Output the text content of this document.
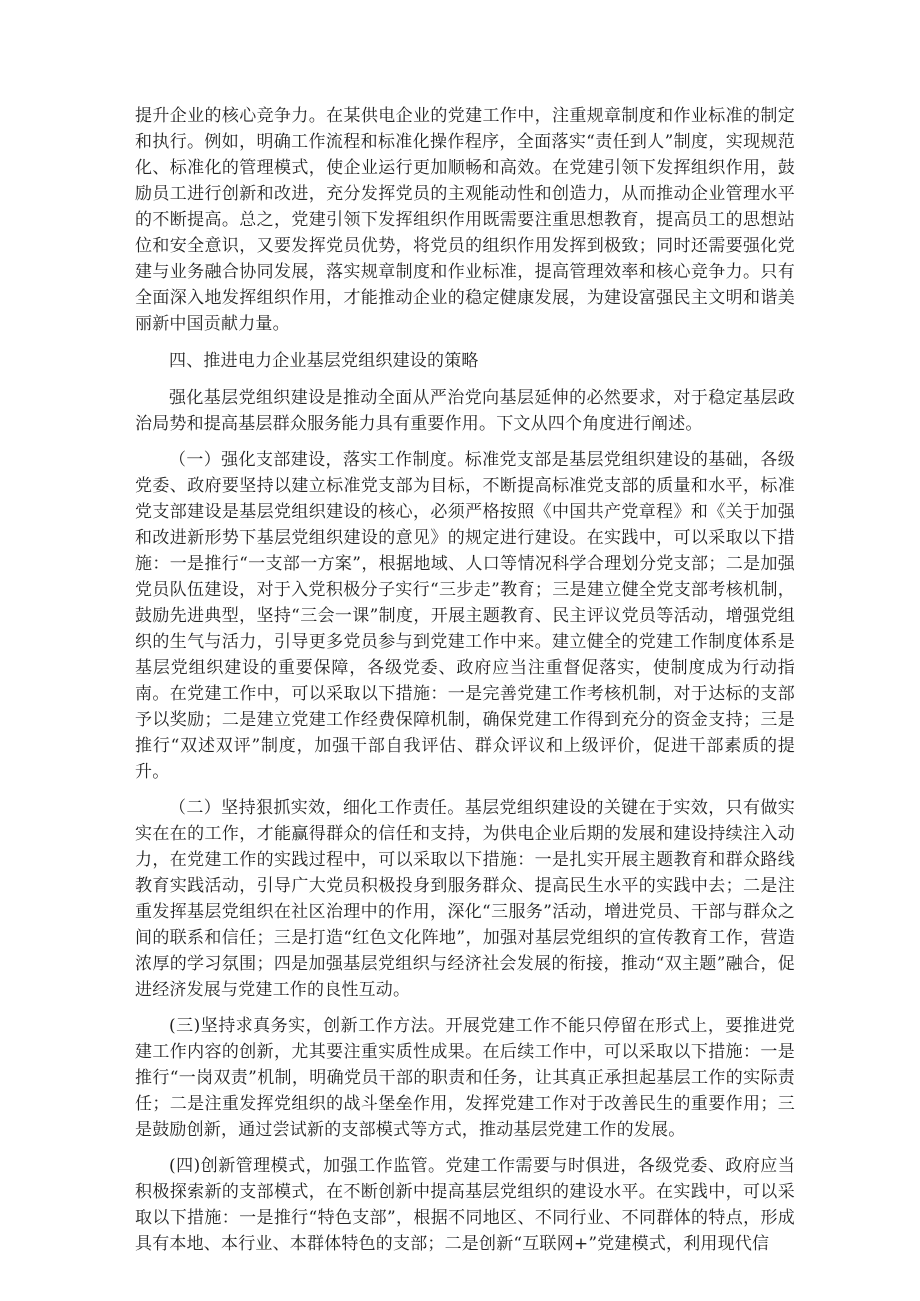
提升企业的核心竞争力。在某供电企业的党建工作中，注重规章制度和作业标准的制定和执行。例如，明确工作流程和标准化操作程序，全面落实“责任到人”制度，实现规范化、标准化的管理模式，使企业运行更加顺畅和高效。在党建引领下发挥组织作用，鼓励员工进行创新和改进，充分发挥党员的主观能动性和创造力，从而推动企业管理水平的不断提高。总之，党建引领下发挥组织作用既需要注重思想教育，提高员工的思想站位和安全意识，又要发挥党员优势，将党员的组织作用发挥到极致；同时还需要强化党建与业务融合协同发展，落实规章制度和作业标准，提高管理效率和核心竞争力。只有全面深入地发挥组织作用，才能推动企业的稳定健康发展，为建设富强民主文明和谐美丽新中国贡献力量。

四、推进电力企业基层党组织建设的策略

强化基层党组织建设是推动全面从严治党向基层延伸的必然要求，对于稳定基层政治局势和提高基层群众服务能力具有重要作用。下文从四个角度进行阐述。

（一）强化支部建设，落实工作制度。标准党支部是基层党组织建设的基础，各级党委、政府要坚持以建立标准党支部为目标，不断提高标准党支部的质量和水平，标准党支部建设是基层党组织建设的核心，必须严格按照《中国共产党章程》和《关于加强和改进新形势下基层党组织建设的意见》的规定进行建设。在实践中，可以采取以下措施：一是推行“一支部一方案”，根据地域、人口等情况科学合理划分党支部；二是加强党员队伍建设，对于入党积极分子实行“三步走”教育；三是建立健全党支部考核机制，鼓励先进典型，坚持“三会一课”制度，开展主题教育、民主评议党员等活动，增强党组织的生气与活力，引导更多党员参与到党建工作中来。建立健全的党建工作制度体系是基层党组织建设的重要保障，各级党委、政府应当注重督促落实，使制度成为行动指南。在党建工作中，可以采取以下措施：一是完善党建工作考核机制，对于达标的支部予以奖励；二是建立党建工作经费保障机制，确保党建工作得到充分的资金支持；三是推行“双述双评”制度，加强干部自我评估、群众评议和上级评价，促进干部素质的提升。

（二）坚持狠抓实效，细化工作责任。基层党组织建设的关键在于实效，只有做实实在在的工作，才能赢得群众的信任和支持，为供电企业后期的发展和建设持续注入动力，在党建工作的实践过程中，可以采取以下措施：一是扎实开展主题教育和群众路线教育实践活动，引导广大党员积极投身到服务群众、提高民生水平的实践中去；二是注重发挥基层党组织在社区治理中的作用，深化“三服务”活动，增进党员、干部与群众之间的联系和信任；三是打造“红色文化阵地”，加强对基层党组织的宣传教育工作，营造浓厚的学习氛围；四是加强基层党组织与经济社会发展的衔接，推动“双主题”融合，促进经济发展与党建工作的良性互动。

(三)坚持求真务实，创新工作方法。开展党建工作不能只停留在形式上，要推进党建工作内容的创新，尤其要注重实质性成果。在后续工作中，可以采取以下措施：一是推行“一岗双责”机制，明确党员干部的职责和任务，让其真正承担起基层工作的实际责任；二是注重发挥党组织的战斗堡垒作用，发挥党建工作对于改善民生的重要作用；三是鼓励创新，通过尝试新的支部模式等方式，推动基层党建工作的发展。

(四)创新管理模式，加强工作监管。党建工作需要与时俱进，各级党委、政府应当积极探索新的支部模式，在不断创新中提高基层党组织的建设水平。在实践中，可以采取以下措施：一是推行“特色支部”，根据不同地区、不同行业、不同群体的特点，形成具有本地、本行业、本群体特色的支部；二是创新“互联网+”党建模式，利用现代信
